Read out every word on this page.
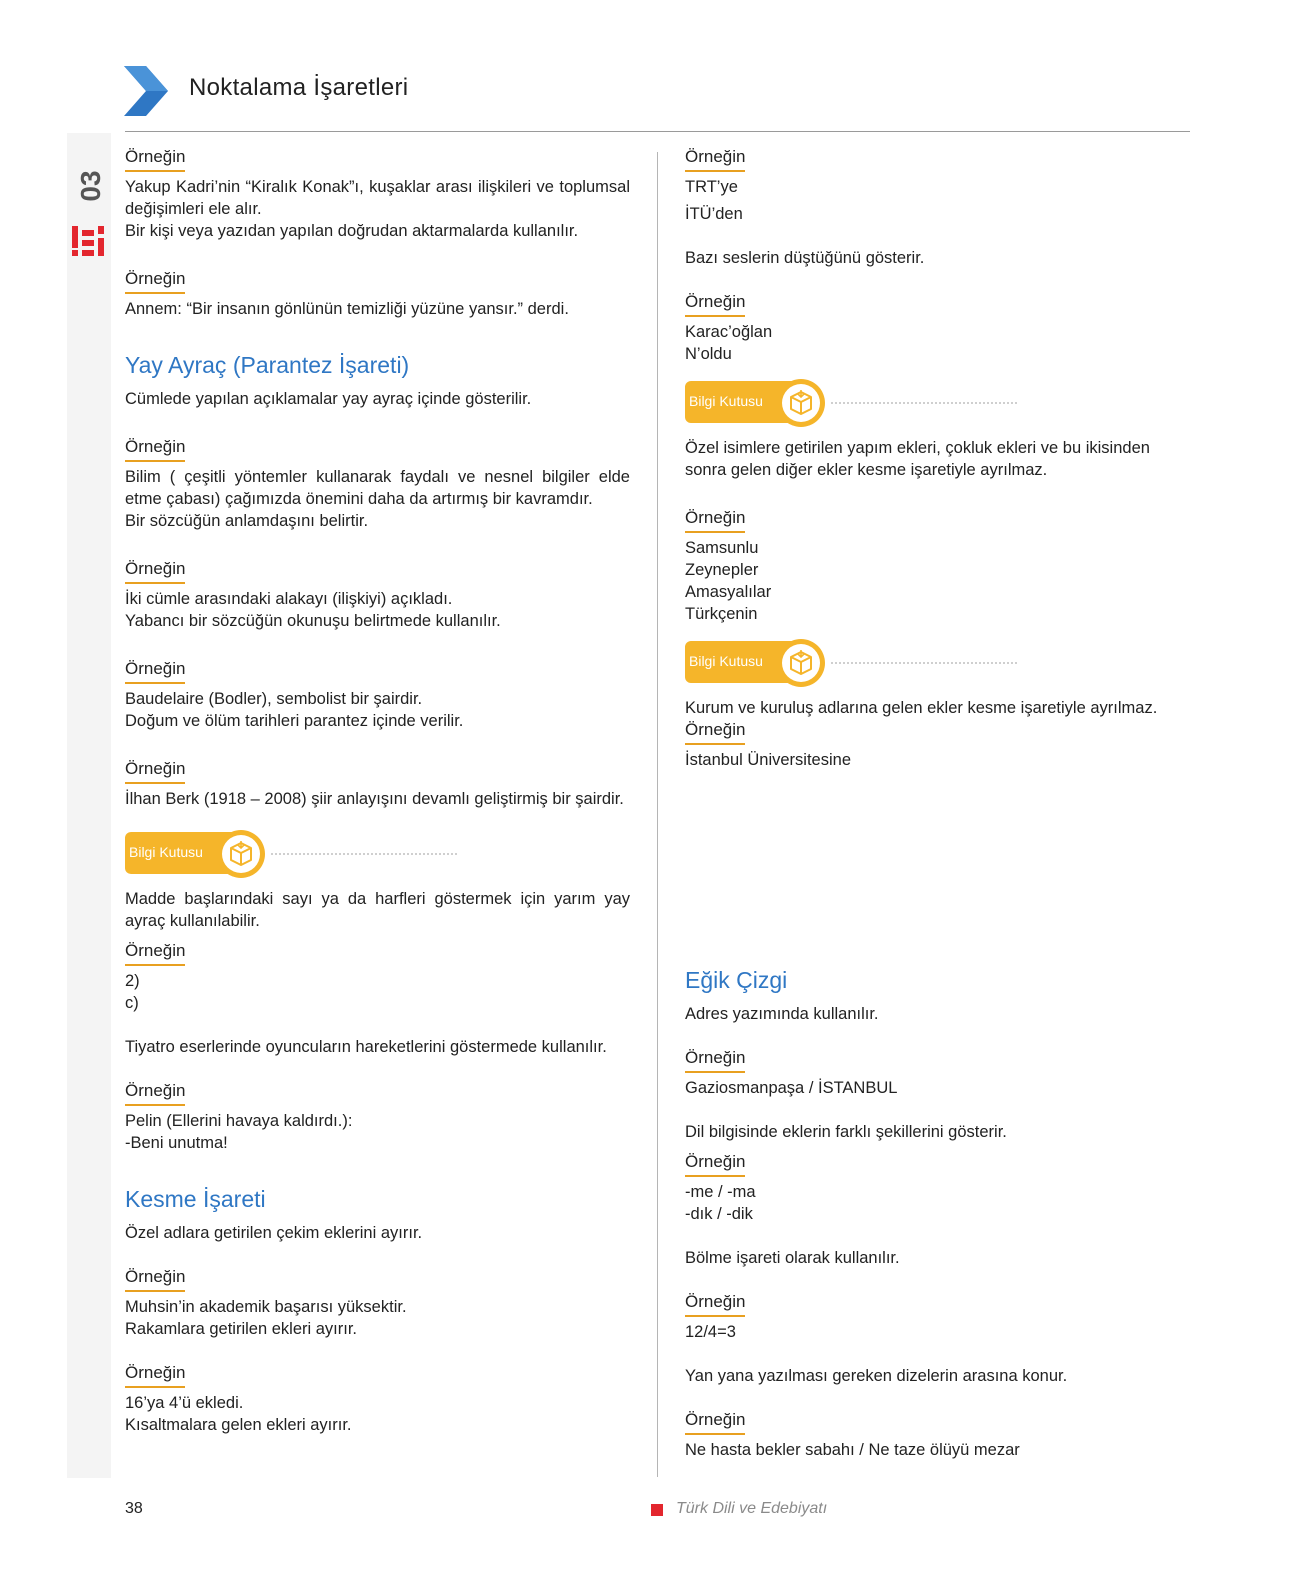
03
Noktalama İşaretleri
Örneğin

Yakup Kadri’nin “Kiralık Konak”ı, kuşaklar arası ilişkileri ve toplumsal değişimleri ele alır.

Bir kişi veya yazıdan yapılan doğrudan aktarmalarda kullanılır.

Örneğin

Annem: “Bir insanın gönlünün temizliği yüzüne yansır.” derdi.

Yay Ayraç (Parantez İşareti)

Cümlede yapılan açıklamalar yay ayraç içinde gösterilir.

Örneğin

Bilim ( çeşitli yöntemler kullanarak faydalı ve nesnel bilgiler elde etme çabası) çağımızda önemini daha da artırmış bir kavramdır.

Bir sözcüğün anlamdaşını belirtir.

Örneğin

İki cümle arasındaki alakayı (ilişkiyi) açıkladı.

Yabancı bir sözcüğün okunuşu belirtmede kullanılır.

Örneğin

Baudelaire (Bodler), sembolist bir şairdir.

Doğum ve ölüm tarihleri parantez içinde verilir.

Örneğin

İlhan Berk (1918 – 2008) şiir anlayışını devamlı geliştirmiş bir şairdir.

Bilgi Kutusu

Madde başlarındaki sayı ya da harfleri göstermek için yarım yay ayraç kullanılabilir.

Örneğin

2)

c)

Tiyatro eserlerinde oyuncuların hareketlerini göstermede kullanılır.

Örneğin

Pelin (Ellerini havaya kaldırdı.):

-Beni unutma!

Kesme İşareti

Özel adlara getirilen çekim eklerini ayırır.

Örneğin

Muhsin’in akademik başarısı yüksektir.

Rakamlara getirilen ekleri ayırır.

Örneğin

16’ya 4’ü ekledi.

Kısaltmalara gelen ekleri ayırır.

Örneğin

TRT’ye

İTÜ’den

Bazı seslerin düştüğünü gösterir.

Örneğin

Karac’oğlan

N’oldu

Bilgi Kutusu

Özel isimlere getirilen yapım ekleri, çokluk ekleri ve bu ikisinden sonra gelen diğer ekler kesme işaretiyle ayrılmaz.

Örneğin

Samsunlu

Zeynepler

Amasyalılar

Türkçenin

Bilgi Kutusu

Kurum ve kuruluş adlarına gelen ekler kesme işaretiyle ayrılmaz.

Örneğin

İstanbul Üniversitesine

Eğik Çizgi

Adres yazımında kullanılır.

Örneğin

Gaziosmanpaşa / İSTANBUL

Dil bilgisinde eklerin farklı şekillerini gösterir.

Örneğin

-me / -ma

-dık / -dik

Bölme işareti olarak kullanılır.

Örneğin

12/4=3

Yan yana yazılması gereken dizelerin arasına konur.

Örneğin

Ne hasta bekler sabahı / Ne taze ölüyü mezar

38	Türk Dili ve Edebiyatı
